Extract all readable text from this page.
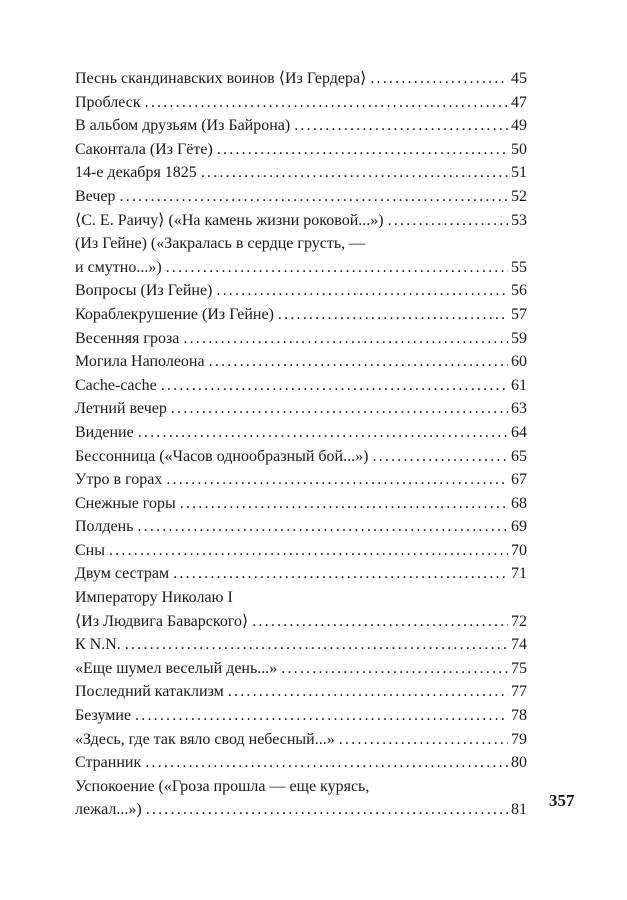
Песнь скандинавских воинов ⟨Из Гердера⟩ .....	45
Проблеск .....	47
В альбом друзьям (Из Байрона) .....	49
Саконтала (Из Гёте) .....	50
14-е декабря 1825 .....	51
Вечер .....	52
⟨С. Е. Раичу⟩ («На камень жизни роковой...») .....	53
(Из Гейне) («Закралась в сердце грусть, —
и смутно...») .....	55
Вопросы (Из Гейне) .....	56
Кораблекрушение (Из Гейне) .....	57
Весенняя гроза .....	59
Могила Наполеона .....	60
Cache-cache .....	61
Летний вечер .....	63
Видение .....	64
Бессонница («Часов однообразный бой...») .....	65
Утро в горах .....	67
Снежные горы .....	68
Полдень .....	69
Сны .....	70
Двум сестрам .....	71
Императору Николаю I
⟨Из Людвига Баварского⟩ .....	72
К N.N. .....	74
«Еще шумел веселый день...» .....	75
Последний катаклизм .....	77
Безумие .....	78
«Здесь, где так вяло свод небесный...» .....	79
Странник .....	80
Успокоение («Гроза прошла — еще курясь,
лежал...») .....	81 357
